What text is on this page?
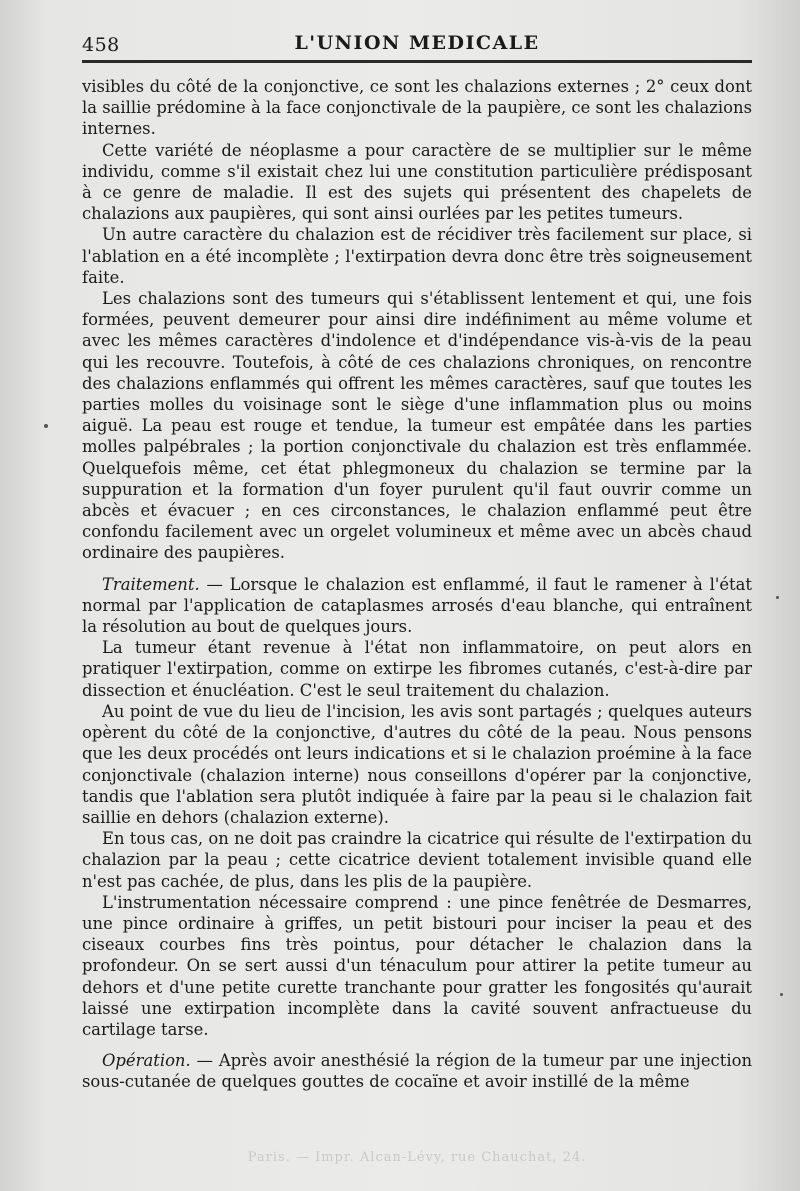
458	L'UNION MEDICALE

visibles du côté de la conjonctive, ce sont les chalazions externes ; 2° ceux dont la saillie prédomine à la face conjonctivale de la paupière, ce sont les chalazions internes.

Cette variété de néoplasme a pour caractère de se multiplier sur le même individu, comme s'il existait chez lui une constitution particulière prédisposant à ce genre de maladie. Il est des sujets qui présentent des chapelets de chalazions aux paupières, qui sont ainsi ourlées par les petites tumeurs.

Un autre caractère du chalazion est de récidiver très facilement sur place, si l'ablation en a été incomplète ; l'extirpation devra donc être très soigneusement faite.

Les chalazions sont des tumeurs qui s'établissent lentement et qui, une fois formées, peuvent demeurer pour ainsi dire indéfiniment au même volume et avec les mêmes caractères d'indolence et d'indépendance vis-à-vis de la peau qui les recouvre. Toutefois, à côté de ces chalazions chroniques, on rencontre des chalazions enflammés qui offrent les mêmes caractères, sauf que toutes les parties molles du voisinage sont le siège d'une inflammation plus ou moins aiguë. La peau est rouge et tendue, la tumeur est empâtée dans les parties molles palpébrales ; la portion conjonctivale du chalazion est très enflammée. Quelquefois même, cet état phlegmoneux du chalazion se termine par la suppuration et la formation d'un foyer purulent qu'il faut ouvrir comme un abcès et évacuer ; en ces circonstances, le chalazion enflammé peut être confondu facilement avec un orgelet volumineux et même avec un abcès chaud ordinaire des paupières.

Traitement. — Lorsque le chalazion est enflammé, il faut le ramener à l'état normal par l'application de cataplasmes arrosés d'eau blanche, qui entraînent la résolution au bout de quelques jours.

La tumeur étant revenue à l'état non inflammatoire, on peut alors en pratiquer l'extirpation, comme on extirpe les fibromes cutanés, c'est-à-dire par dissection et énucléation. C'est le seul traitement du chalazion.

Au point de vue du lieu de l'incision, les avis sont partagés ; quelques auteurs opèrent du côté de la conjonctive, d'autres du côté de la peau. Nous pensons que les deux procédés ont leurs indications et si le chalazion proémine à la face conjonctivale (chalazion interne) nous conseillons d'opérer par la conjonctive, tandis que l'ablation sera plutôt indiquée à faire par la peau si le chalazion fait saillie en dehors (chalazion externe).

En tous cas, on ne doit pas craindre la cicatrice qui résulte de l'extirpation du chalazion par la peau ; cette cicatrice devient totalement invisible quand elle n'est pas cachée, de plus, dans les plis de la paupière.

L'instrumentation nécessaire comprend : une pince fenêtrée de Desmarres, une pince ordinaire à griffes, un petit bistouri pour inciser la peau et des ciseaux courbes fins très pointus, pour détacher le chalazion dans la profondeur. On se sert aussi d'un ténaculum pour attirer la petite tumeur au dehors et d'une petite curette tranchante pour gratter les fongosités qu'aurait laissé une extirpation incomplète dans la cavité souvent anfractueuse du cartilage tarse.

Opération. — Après avoir anesthésié la région de la tumeur par une injection sous-cutanée de quelques gouttes de cocaïne et avoir instillé de la même

Paris. — Impr. Alcan-Lévy, rue Chauchat, 24.
